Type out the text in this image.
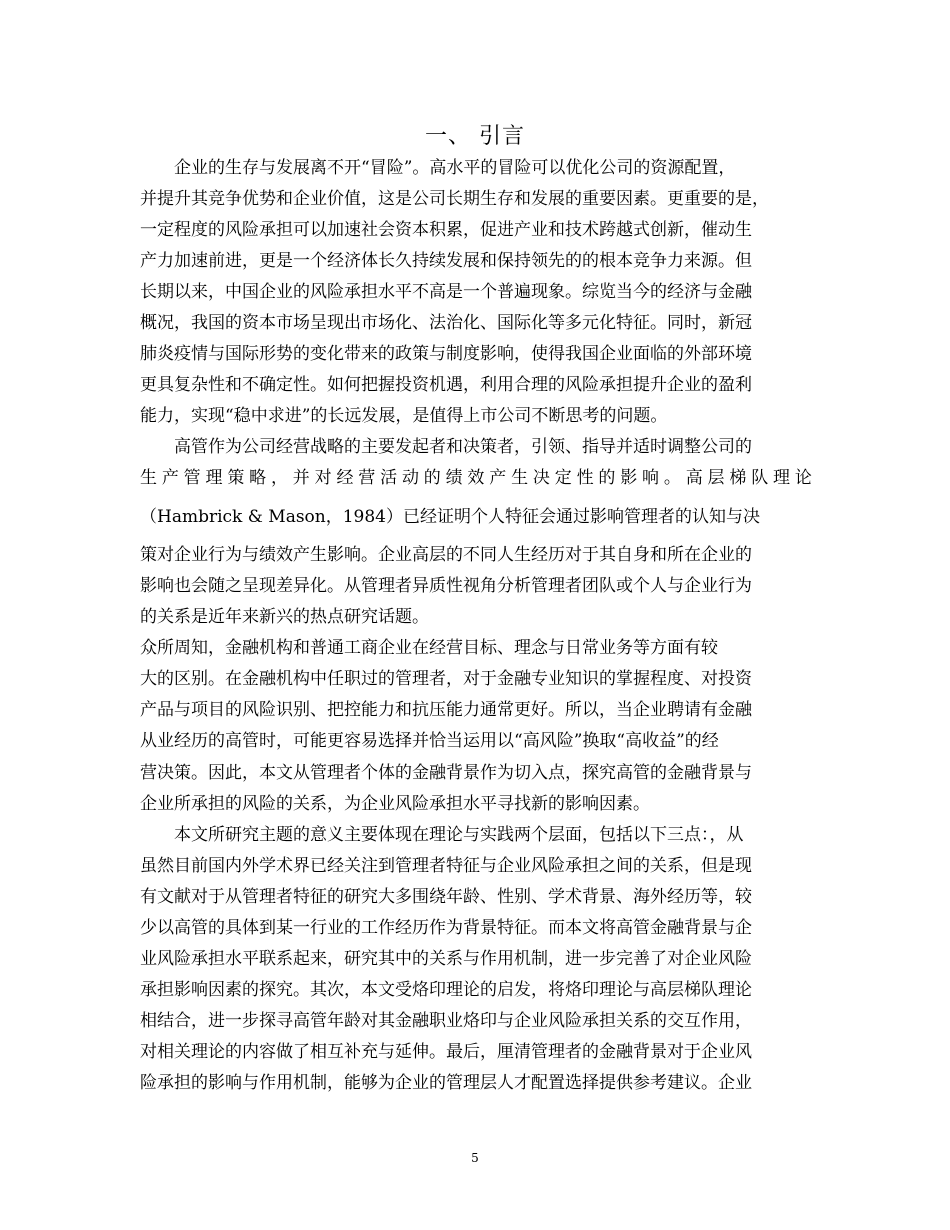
一、 引言
企业的生存与发展离不开“冒险”。高水平的冒险可以优化公司的资源配置，
并提升其竞争优势和企业价值，这是公司长期生存和发展的重要因素。更重要的是，
一定程度的风险承担可以加速社会资本积累，促进产业和技术跨越式创新，催动生
产力加速前进，更是一个经济体长久持续发展和保持领先的的根本竞争力来源。但
长期以来，中国企业的风险承担水平不高是一个普遍现象。综览当今的经济与金融
概况，我国的资本市场呈现出市场化、法治化、国际化等多元化特征。同时，新冠
肺炎疫情与国际形势的变化带来的政策与制度影响，使得我国企业面临的外部环境
更具复杂性和不确定性。如何把握投资机遇，利用合理的风险承担提升企业的盈利
能力，实现“稳中求进”的长远发展，是值得上市公司不断思考的问题。
高管作为公司经营战略的主要发起者和决策者，引领、指导并适时调整公司的
生 产 管 理 策 略 ， 并 对 经 营 活 动 的 绩 效 产 生 决 定 性 的 影 响 。 高 层 梯 队 理 论
（Hambrick & Mason，1984）已经证明个人特征会通过影响管理者的认知与决
策对企业行为与绩效产生影响。企业高层的不同人生经历对于其自身和所在企业的
影响也会随之呈现差异化。从管理者异质性视角分析管理者团队或个人与企业行为
的关系是近年来新兴的热点研究话题。
众所周知，金融机构和普通工商企业在经营目标、理念与日常业务等方面有较
大的区别。在金融机构中任职过的管理者，对于金融专业知识的掌握程度、对投资
产品与项目的风险识别、把控能力和抗压能力通常更好。所以，当企业聘请有金融
从业经历的高管时，可能更容易选择并恰当运用以“高风险”换取“高收益”的经
营决策。因此，本文从管理者个体的金融背景作为切入点，探究高管的金融背景与
企业所承担的风险的关系，为企业风险承担水平寻找新的影响因素。
本文所研究主题的意义主要体现在理论与实践两个层面，包括以下三点：，从
虽然目前国内外学术界已经关注到管理者特征与企业风险承担之间的关系，但是现
有文献对于从管理者特征的研究大多围绕年龄、性别、学术背景、海外经历等，较
少以高管的具体到某一行业的工作经历作为背景特征。而本文将高管金融背景与企
业风险承担水平联系起来，研究其中的关系与作用机制，进一步完善了对企业风险
承担影响因素的探究。其次，本文受烙印理论的启发，将烙印理论与高层梯队理论
相结合，进一步探寻高管年龄对其金融职业烙印与企业风险承担关系的交互作用，
对相关理论的内容做了相互补充与延伸。最后，厘清管理者的金融背景对于企业风
险承担的影响与作用机制，能够为企业的管理层人才配置选择提供参考建议。企业
5
